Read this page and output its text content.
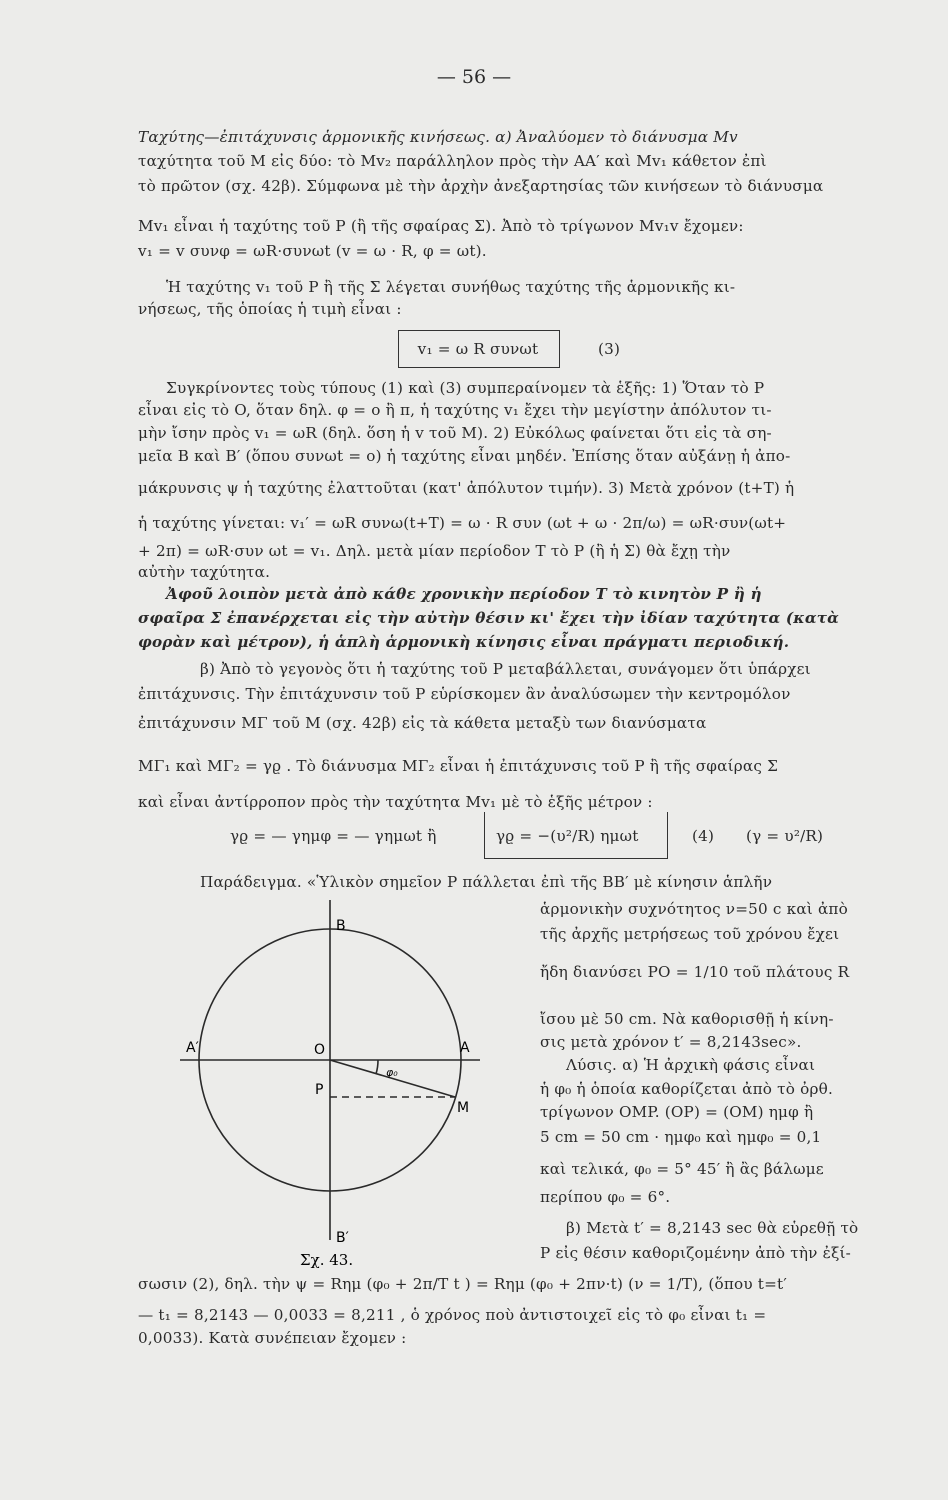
— 56 —
Ταχύτης—ἐπιτάχυνσις ἁρμονικῆς κινήσεως. α) Ἀναλύομεν τὸ διάνυσμα Mv
ταχύτητα τοῦ M εἰς δύο: τὸ Mv₂ παράλληλον πρὸς τὴν AA′ καὶ Mv₁ κάθετον ἐπὶ
τὸ πρῶτον (σχ. 42β). Σύμφωνα μὲ τὴν ἀρχὴν ἀνεξαρτησίας τῶν κινήσεων τὸ διάνυσμα
Mv₁ εἶναι ἡ ταχύτης τοῦ P (ἢ τῆς σφαίρας Σ). Ἀπὸ τὸ τρίγωνον Mv₁v ἔχομεν:
v₁ = v συνφ = ωR·συνωt (v = ω · R, φ = ωt).
Ἡ ταχύτης v₁ τοῦ P ἢ τῆς Σ λέγεται συνήθως ταχύτης τῆς ἁρμονικῆς κι-
νήσεως, τῆς ὁποίας ἡ τιμὴ εἶναι :
v₁ = ω R συνωt	(3)
Συγκρίνοντες τοὺς τύπους (1) καὶ (3) συμπεραίνομεν τὰ ἑξῆς: 1) Ὅταν τὸ P
εἶναι εἰς τὸ O, ὅταν δηλ. φ = o ἢ π, ἡ ταχύτης v₁ ἔχει τὴν μεγίστην ἀπόλυτον τι-
μὴν ἴσην πρὸς v₁ = ωR (δηλ. ὅση ἡ v τοῦ M). 2) Εὐκόλως φαίνεται ὅτι εἰς τὰ ση-
μεῖα B καὶ B′ (ὅπου συνωt = o) ἡ ταχύτης εἶναι μηδέν. Ἐπίσης ὅταν αὐξάνῃ ἡ ἀπο-
μάκρυνσις ψ ἡ ταχύτης ἐλαττοῦται (κατ' ἀπόλυτον τιμήν). 3) Μετὰ χρόνον (t+T) ἡ
ἡ ταχύτης γίνεται: v₁′ = ωR συνω(t+T) = ω · R συν (ωt + ω · 2π/ω) = ωR·συν(ωt+
+ 2π) = ωR·συν ωt = v₁. Δηλ. μετὰ μίαν περίοδον T τὸ P (ἢ ἡ Σ) θὰ ἔχῃ τὴν
αὐτὴν ταχύτητα.
Ἀφοῦ λοιπὸν μετὰ ἀπὸ κάθε χρονικὴν περίοδον T τὸ κινητὸν P ἢ ἡ
σφαῖρα Σ ἐπανέρχεται εἰς τὴν αὐτὴν θέσιν κι' ἔχει τὴν ἰδίαν ταχύτητα (κατὰ
φορὰν καὶ μέτρον), ἡ ἁπλὴ ἁρμονικὴ κίνησις εἶναι πράγματι περιοδική.
β) Ἀπὸ τὸ γεγονὸς ὅτι ἡ ταχύτης τοῦ P μεταβάλλεται, συνάγομεν ὅτι ὑπάρχει
ἐπιτάχυνσις. Τὴν ἐπιτάχυνσιν τοῦ P εὑρίσκομεν ἂν ἀναλύσωμεν τὴν κεντρομόλον
ἐπιτάχυνσιν MΓ τοῦ M (σχ. 42β) εἰς τὰ κάθετα μεταξὺ των διανύσματα
MΓ₁ καὶ MΓ₂ = γϱ . Τὸ διάνυσμα MΓ₂ εἶναι ἡ ἐπιτάχυνσις τοῦ P ἢ τῆς σφαίρας Σ
καὶ εἶναι ἀντίρροπον πρὸς τὴν ταχύτητα Mv₁ μὲ τὸ ἑξῆς μέτρον :
γϱ = — γημφ = — γημωt ἢ	γϱ = −(υ²/R) ημωt	(4)	(γ = υ²/R)
Παράδειγμα. «Ὑλικὸν σημεῖον P πάλλεται ἐπὶ τῆς BB′ μὲ κίνησιν ἁπλῆν
ἁρμονικὴν συχνότητος ν=50 c καὶ ἀπὸ
τῆς ἀρχῆς μετρήσεως τοῦ χρόνου ἔχει
ἤδη διανύσει PO = 1/10 τοῦ πλάτους R
ἴσου μὲ 50 cm. Νὰ καθορισθῇ ἡ κίνη-
σις μετὰ χρόνον t′ = 8,2143sec».
Λύσις. α) Ἡ ἀρχικὴ φάσις εἶναι
ἡ φ₀ ἡ ὁποία καθορίζεται ἀπὸ τὸ ὀρθ.
τρίγωνον OMP. (OP) = (OM) ημφ ἢ
5 cm = 50 cm · ημφ₀ καὶ ημφ₀ = 0,1
καὶ τελικά, φ₀ = 5° 45′ ἢ ἂς βάλωμε
περίπου φ₀ = 6°.
β) Μετὰ t′ = 8,2143 sec θὰ εὑρεθῇ τὸ
P εἰς θέσιν καθοριζομένην ἀπὸ τὴν ἐξί-
σωσιν (2), δηλ. τὴν ψ = Rημ (φ₀ + 2π/T t ) = Rημ (φ₀ + 2πν·t) (ν = 1/T), (ὅπου t=t′
— t₁ = 8,2143 — 0,0033 = 8,211 , ὁ χρόνος ποὺ ἀντιστοιχεῖ εἰς τὸ φ₀ εἶναι t₁ =
0,0033). Κατὰ συνέπειαν ἔχομεν :
B
B′
A
A′	O
P
M
φ₀
Σχ. 43.
